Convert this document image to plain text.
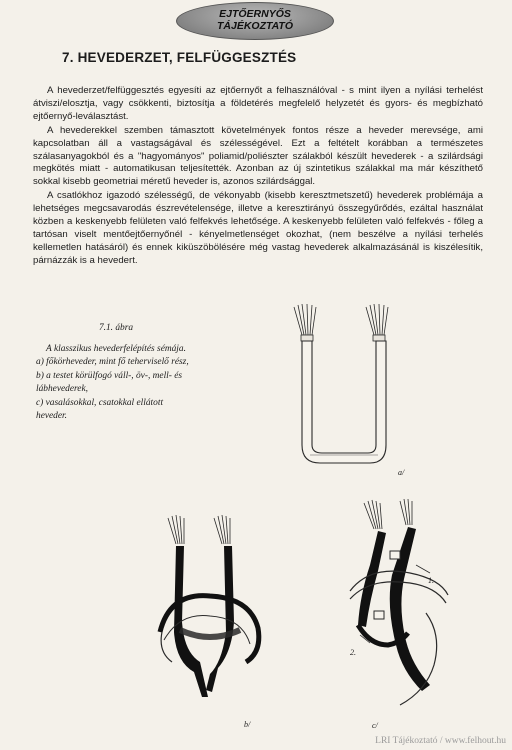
EJTŐERNYŐS
TÁJÉKOZTATÓ
7. HEVEDERZET, FELFÜGGESZTÉS

A hevederzet/felfüggesztés egyesíti az ejtőernyőt a felhasználóval - s mint ilyen a nyílási terhelést átviszi/elosztja, vagy csökkenti, biztosítja a földetérés megfelelő helyzetét és gyors- és megbízható ejtőernyő-leválasztást.

A hevederekkel szemben támasztott követelmények fontos része a heveder merevsége, ami kapcsolatban áll a vastagságával és szélességével. Ezt a feltételt korábban a természetes szálasanyagokból és a "hagyományos" poliamid/poliészter szálakból készült hevederek - a szilárdsági megkötés miatt - automatikusan teljesítették. Azonban az új szintetikus szálakkal ma már készíthető sokkal kisebb geometriai méretű heveder is, azonos szilárdsággal.

A csatlókhoz igazodó szélességű, de vékonyabb (kisebb keresztmetszetű) hevederek problémája a lehetséges megcsavarodás észrevételensége, illetve a keresztirányú összegyűrődés, ezáltal használat közben a keskenyebb felületen való felfekvés lehetősége. A keskenyebb felületen való felfekvés - főleg a tartósan viselt mentőejtőernyőnél - kényelmetlenséget okozhat, (nem beszélve a nyílási terhelés kellemetlen hatásáról) és ennek kiküszöbölésére még vastag hevederek alkalmazásánál is kiszélesítik, párnázzák is a hevedert.

7.1. ábra
A klasszikus hevederfelépítés sémája.

a) főkörheveder, mint fő teherviselő rész,

b) a testet körülfogó váll-, öv-, mell- és lábhevederek,

c) vasalásokkal, csatokkal ellátott heveder.

a/
b/
1.
2.
c/
LRI Tájékoztató / www.felhout.hu
